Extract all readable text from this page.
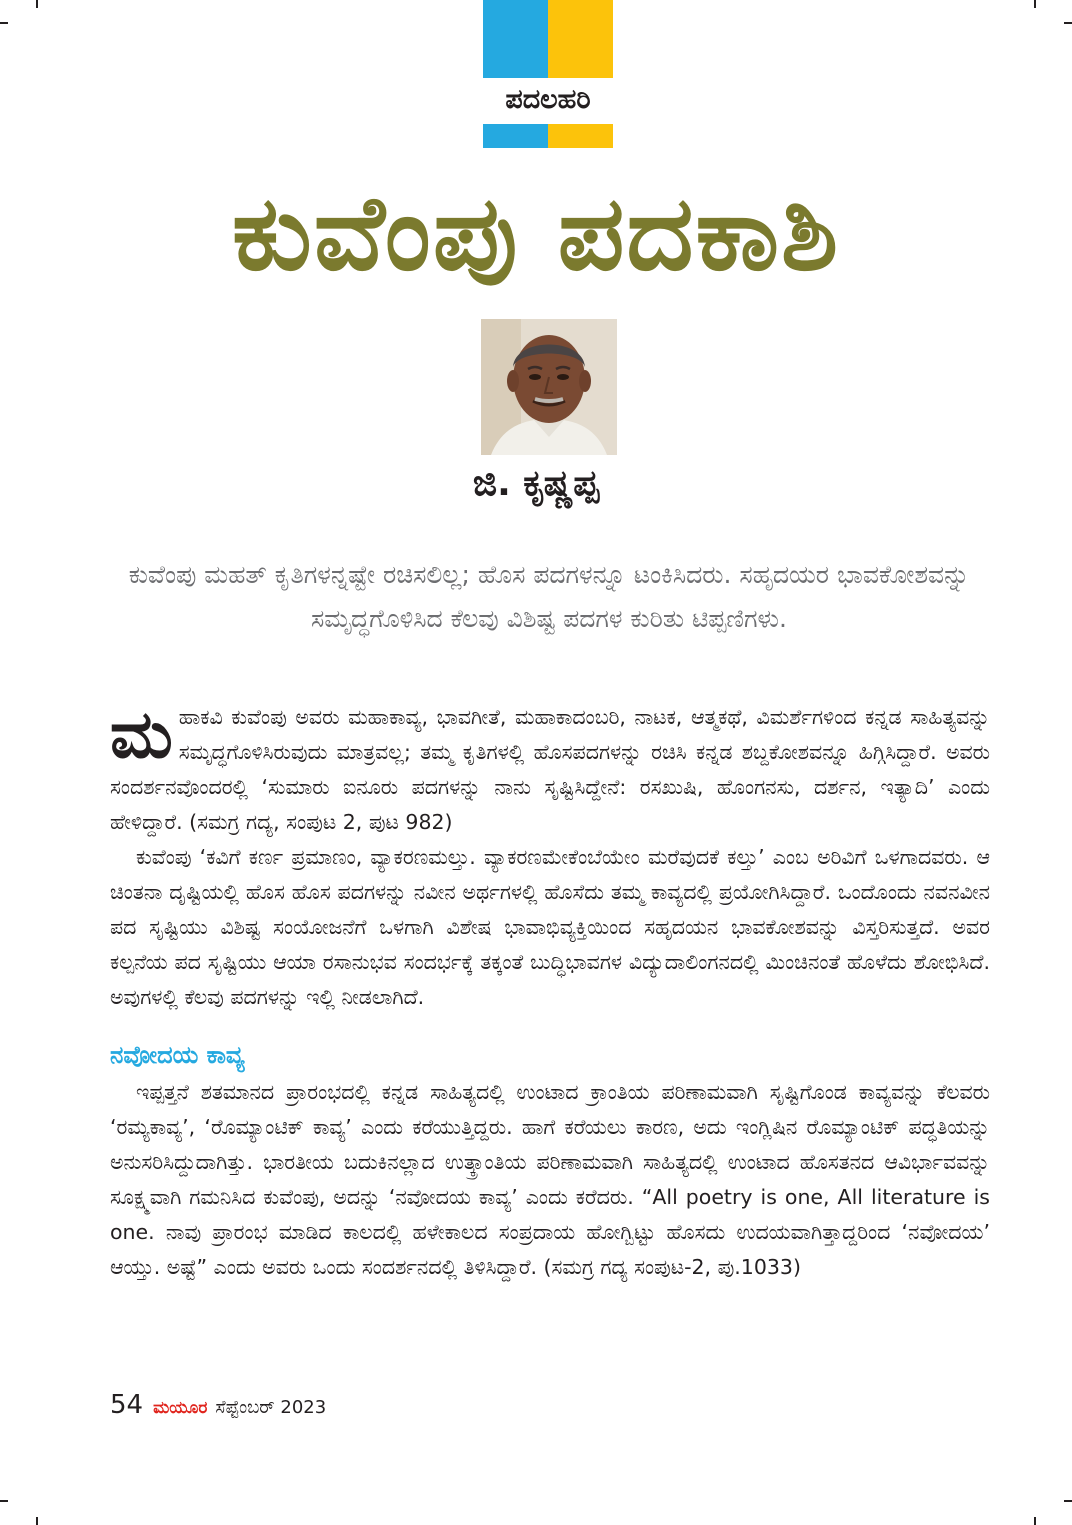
ಪದಲಹರಿ
ಕುವೆಂಪು ಪದಕಾಶಿ
ಜಿ. ಕೃಷ್ಣಪ್ಪ
ಕುವೆಂಪು ಮಹತ್ ಕೃತಿಗಳನ್ನಷ್ಟೇ ರಚಿಸಲಿಲ್ಲ; ಹೊಸ ಪದಗಳನ್ನೂ ಟಂಕಿಸಿದರು. ಸಹೃದಯರ ಭಾವಕೋಶವನ್ನು ಸಮೃದ್ಧಗೊಳಿಸಿದ ಕೆಲವು ವಿಶಿಷ್ಟ ಪದಗಳ ಕುರಿತು ಟಿಪ್ಪಣಿಗಳು.

ಮಹಾಕವಿ ಕುವೆಂಪು ಅವರು ಮಹಾಕಾವ್ಯ, ಭಾವಗೀತೆ, ಮಹಾಕಾದಂಬರಿ, ನಾಟಕ, ಆತ್ಮಕಥೆ, ವಿಮರ್ಶೆಗಳಿಂದ ಕನ್ನಡ ಸಾಹಿತ್ಯವನ್ನು ಸಮೃದ್ಧಗೊಳಿಸಿರುವುದು ಮಾತ್ರವಲ್ಲ; ತಮ್ಮ ಕೃತಿಗಳಲ್ಲಿ ಹೊಸಪದಗಳನ್ನು ರಚಿಸಿ ಕನ್ನಡ ಶಬ್ದಕೋಶವನ್ನೂ ಹಿಗ್ಗಿಸಿದ್ದಾರೆ. ಅವರು ಸಂದರ್ಶನವೊಂದರಲ್ಲಿ ‘ಸುಮಾರು ಐನೂರು ಪದಗಳನ್ನು ನಾನು ಸೃಷ್ಟಿಸಿದ್ದೇನೆ: ರಸಖುಷಿ, ಹೊಂಗನಸು, ದರ್ಶನ, ಇತ್ಯಾದಿ’ ಎಂದು ಹೇಳಿದ್ದಾರೆ. (ಸಮಗ್ರ ಗದ್ಯ, ಸಂಪುಟ 2, ಪುಟ 982)

ಕುವೆಂಪು ‘ಕವಿಗೆ ಕರ್ಣ ಪ್ರಮಾಣಂ, ವ್ಯಾಕರಣಮಲ್ತು. ವ್ಯಾಕರಣಮೇಕೆಂಬೆಯೇಂ ಮರೆವುದಕೆ ಕಲ್ತು’ ಎಂಬ ಅರಿವಿಗೆ ಒಳಗಾದವರು. ಆ ಚಿಂತನಾ ದೃಷ್ಟಿಯಲ್ಲಿ ಹೊಸ ಹೊಸ ಪದಗಳನ್ನು ನವೀನ ಅರ್ಥಗಳಲ್ಲಿ ಹೊಸೆದು ತಮ್ಮ ಕಾವ್ಯದಲ್ಲಿ ಪ್ರಯೋಗಿಸಿದ್ದಾರೆ. ಒಂದೊಂದು ನವನವೀನ ಪದ ಸೃಷ್ಟಿಯು ವಿಶಿಷ್ಟ ಸಂಯೋಜನೆಗೆ ಒಳಗಾಗಿ ವಿಶೇಷ ಭಾವಾಭಿವ್ಯಕ್ತಿಯಿಂದ ಸಹೃದಯನ ಭಾವಕೋಶವನ್ನು ವಿಸ್ತರಿಸುತ್ತದೆ. ಅವರ ಕಲ್ಪನೆಯ ಪದ ಸೃಷ್ಟಿಯು ಆಯಾ ರಸಾನುಭವ ಸಂದರ್ಭಕ್ಕೆ ತಕ್ಕಂತೆ ಬುದ್ಧಿಭಾವಗಳ ವಿದ್ಯುದಾಲಿಂಗನದಲ್ಲಿ ಮಿಂಚಿನಂತೆ ಹೊಳೆದು ಶೋಭಿಸಿದೆ. ಅವುಗಳಲ್ಲಿ ಕೆಲವು ಪದಗಳನ್ನು ಇಲ್ಲಿ ನೀಡಲಾಗಿದೆ.

ನವೋದಯ ಕಾವ್ಯ

ಇಪ್ಪತ್ತನೆ ಶತಮಾನದ ಪ್ರಾರಂಭದಲ್ಲಿ ಕನ್ನಡ ಸಾಹಿತ್ಯದಲ್ಲಿ ಉಂಟಾದ ಕ್ರಾಂತಿಯ ಪರಿಣಾಮವಾಗಿ ಸೃಷ್ಟಿಗೊಂಡ ಕಾವ್ಯವನ್ನು ಕೆಲವರು ‘ರಮ್ಯಕಾವ್ಯ’, ‘ರೊಮ್ಯಾಂಟಿಕ್ ಕಾವ್ಯ’ ಎಂದು ಕರೆಯುತ್ತಿದ್ದರು. ಹಾಗೆ ಕರೆಯಲು ಕಾರಣ, ಅದು ಇಂಗ್ಲಿಷಿನ ರೊಮ್ಯಾಂಟಿಕ್ ಪದ್ಧತಿಯನ್ನು ಅನುಸರಿಸಿದ್ದುದಾಗಿತ್ತು. ಭಾರತೀಯ ಬದುಕಿನಲ್ಲಾದ ಉತ್ಕ್ರಾಂತಿಯ ಪರಿಣಾಮವಾಗಿ ಸಾಹಿತ್ಯದಲ್ಲಿ ಉಂಟಾದ ಹೊಸತನದ ಆವಿರ್ಭಾವವನ್ನು ಸೂಕ್ಷ್ಮವಾಗಿ ಗಮನಿಸಿದ ಕುವೆಂಪು, ಅದನ್ನು ‘ನವೋದಯ ಕಾವ್ಯ’ ಎಂದು ಕರೆದರು. “All poetry is one, All literature is one. ನಾವು ಪ್ರಾರಂಭ ಮಾಡಿದ ಕಾಲದಲ್ಲಿ ಹಳೇಕಾಲದ ಸಂಪ್ರದಾಯ ಹೋಗ್ಬಿಟ್ಟು ಹೊಸದು ಉದಯವಾಗಿತ್ತಾದ್ದರಿಂದ ‘ನವೋದಯ’ ಆಯ್ತು. ಅಷ್ಟೆ” ಎಂದು ಅವರು ಒಂದು ಸಂದರ್ಶನದಲ್ಲಿ ತಿಳಿಸಿದ್ದಾರೆ. (ಸಮಗ್ರ ಗದ್ಯ ಸಂಪುಟ-2, ಪು.1033)

54 ಮಯೂರ ಸೆಪ್ಟೆಂಬರ್ 2023
